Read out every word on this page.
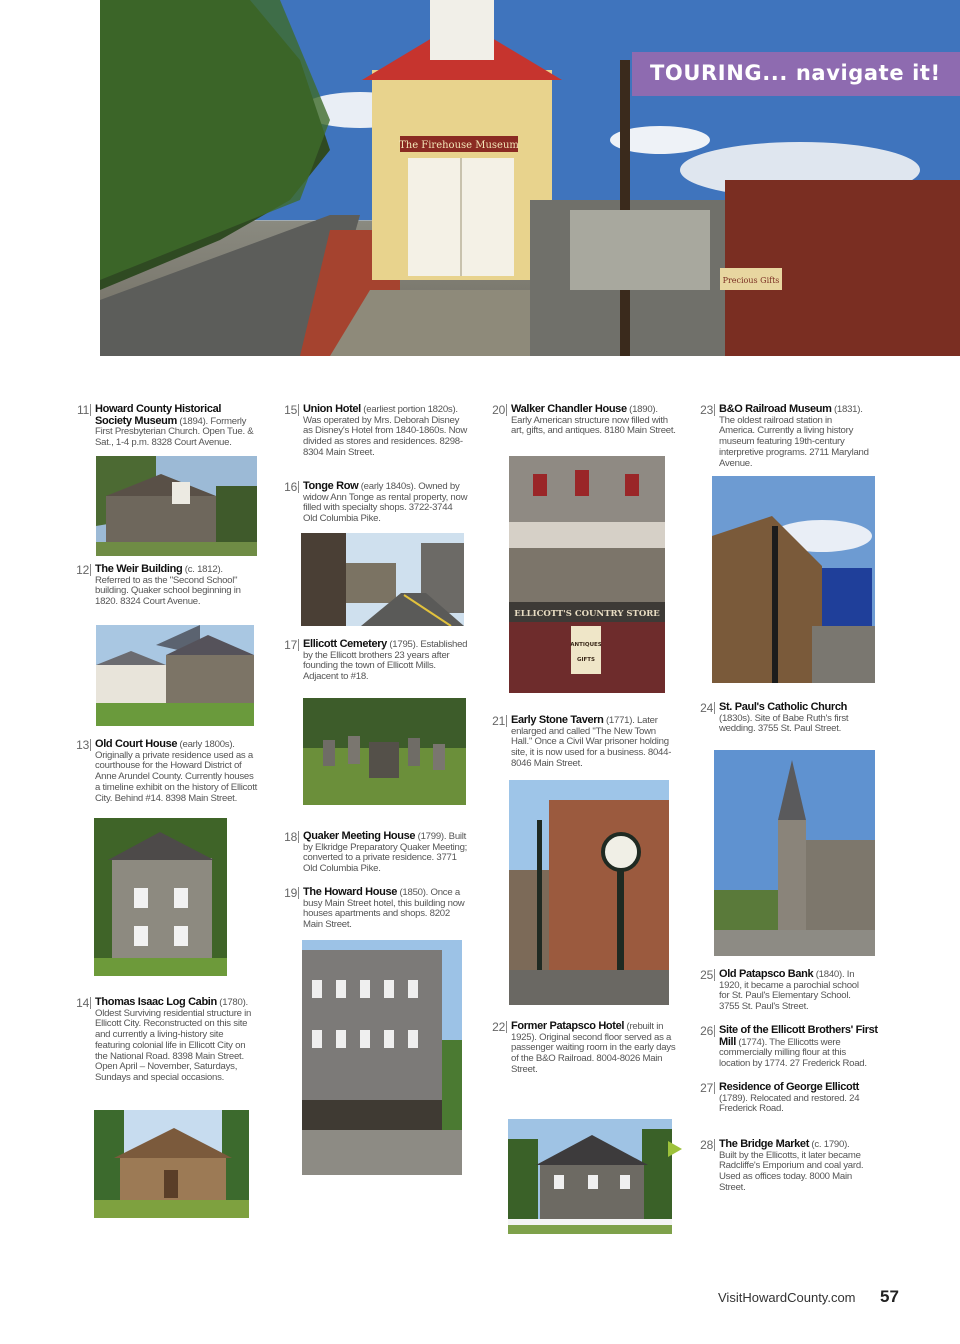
The Firehouse Museum
Precious Gifts
TOURING... navigate it!
11 Howard County Historical Society Museum (1894). Formerly First Presbyterian Church. Open Tue. & Sat., 1-4 p.m. 8328 Court Avenue.
12 The Weir Building (c. 1812). Referred to as the "Second School" building. Quaker school beginning in 1820. 8324 Court Avenue.
13 Old Court House (early 1800s). Originally a private residence used as a courthouse for the Howard District of Anne Arundel County. Currently houses a timeline exhibit on the history of Ellicott City. Behind #14. 8398 Main Street.
14 Thomas Isaac Log Cabin (1780). Oldest Surviving residential structure in Ellicott City. Reconstructed on this site and currently a living-history site featuring colonial life in Ellicott City on the National Road. 8398 Main Street. Open April – November, Saturdays, Sundays and special occasions.
15 Union Hotel (earliest portion 1820s). Was operated by Mrs. Deborah Disney as Disney's Hotel from 1840-1860s. Now divided as stores and residences. 8298-8304 Main Street.
16 Tonge Row (early 1840s). Owned by widow Ann Tonge as rental property, now filled with specialty shops. 3722-3744 Old Columbia Pike.
17 Ellicott Cemetery (1795). Established by the Ellicott brothers 23 years after founding the town of Ellicott Mills. Adjacent to #18.
18 Quaker Meeting House (1799). Built by Elkridge Preparatory Quaker Meeting; converted to a private residence. 3771 Old Columbia Pike.
19 The Howard House (1850). Once a busy Main Street hotel, this building now houses apartments and shops. 8202 Main Street.
20 Walker Chandler House (1890). Early American structure now filled with art, gifts, and antiques. 8180 Main Street.
ELLICOTT'S COUNTRY STORE
ANTIQUES
GIFTS
21 Early Stone Tavern (1771). Later enlarged and called "The New Town Hall." Once a Civil War prisoner holding site, it is now used for a business. 8044-8046 Main Street.
22 Former Patapsco Hotel (rebuilt in 1925). Original second floor served as a passenger waiting room in the early days of the B&O Railroad. 8004-8026 Main Street.
23 B&O Railroad Museum (1831). The oldest railroad station in America. Currently a living history museum featuring 19th-century interpretive programs. 2711 Maryland Avenue.
24 St. Paul's Catholic Church (1830s). Site of Babe Ruth's first wedding. 3755 St. Paul Street.
25 Old Patapsco Bank (1840). In 1920, it became a parochial school for St. Paul's Elementary School. 3755 St. Paul's Street.
26 Site of the Ellicott Brothers' First Mill (1774). The Ellicotts were commercially milling flour at this location by 1774. 27 Frederick Road.
27 Residence of George Ellicott (1789). Relocated and restored. 24 Frederick Road.
28 The Bridge Market (c. 1790). Built by the Ellicotts, it later became Radcliffe's Emporium and coal yard. Used as offices today. 8000 Main Street.
VisitHowardCounty.com 57
